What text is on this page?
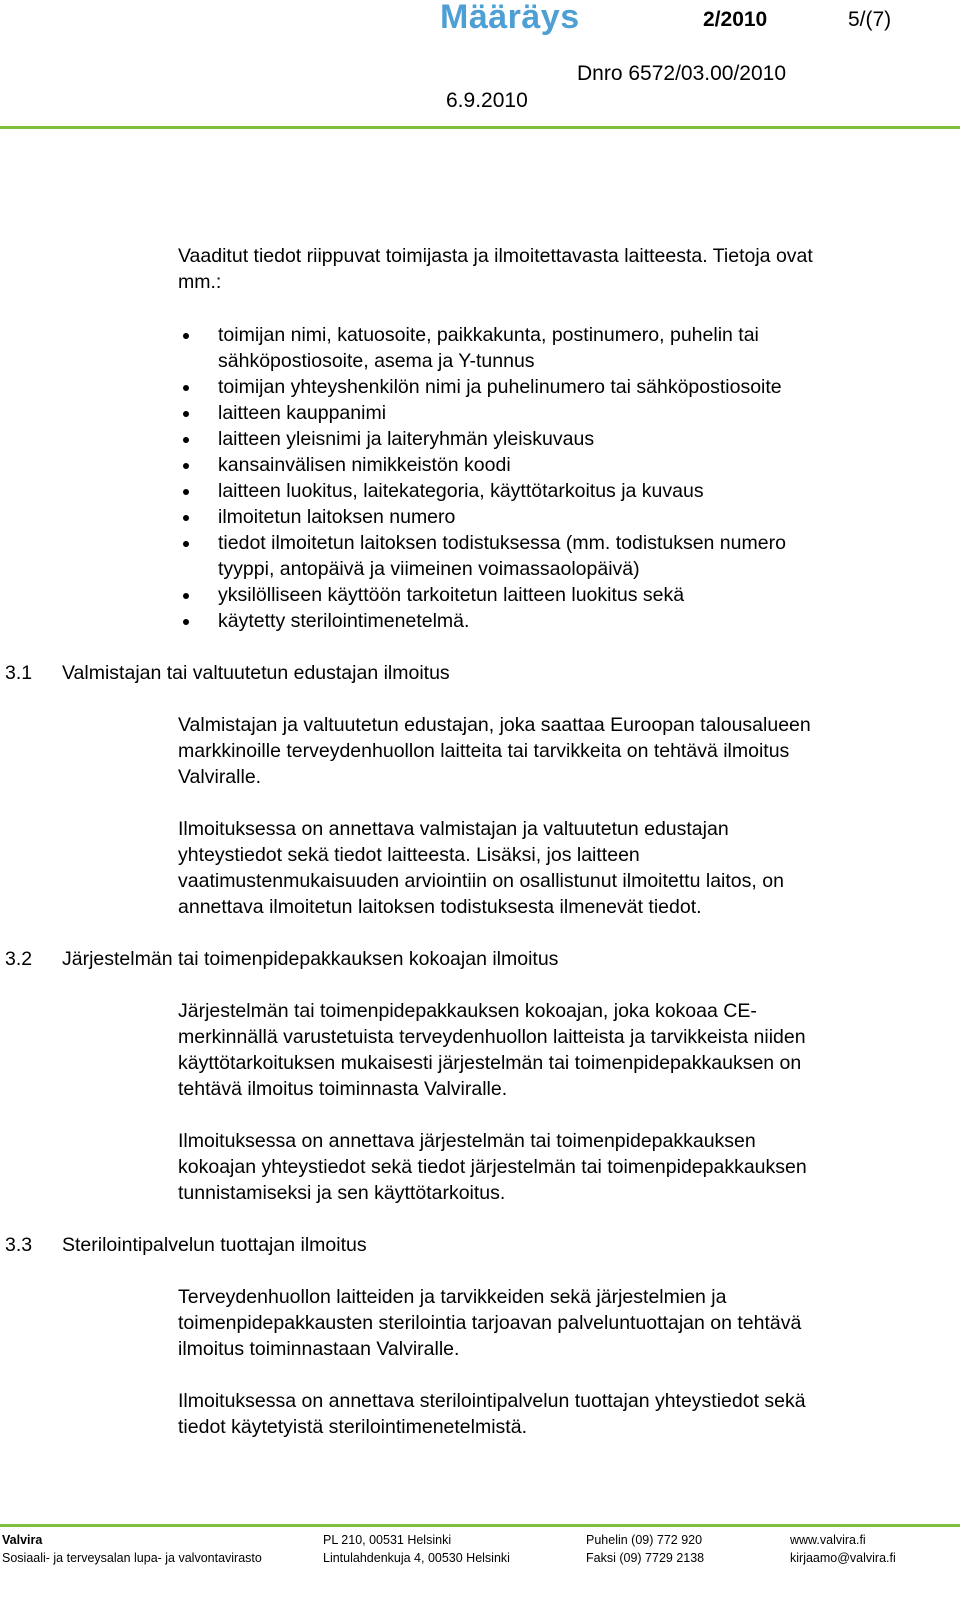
Määräys	2/2010	5/(7)
Dnro 6572/03.00/2010
6.9.2010
Vaaditut tiedot riippuvat toimijasta ja ilmoitettavasta laitteesta. Tietoja ovat
mm.:
toimijan nimi, katuosoite, paikkakunta, postinumero, puhelin tai
sähköpostiosoite, asema ja Y-tunnus
toimijan yhteyshenkilön nimi ja puhelinumero tai sähköpostiosoite
laitteen kauppanimi
laitteen yleisnimi ja laiteryhmän yleiskuvaus
kansainvälisen nimikkeistön koodi
laitteen luokitus, laitekategoria, käyttötarkoitus ja kuvaus
ilmoitetun laitoksen numero
tiedot ilmoitetun laitoksen todistuksessa (mm. todistuksen numero
tyyppi, antopäivä ja viimeinen voimassaolopäivä)
yksilölliseen käyttöön tarkoitetun laitteen luokitus sekä
käytetty sterilointimenetelmä.
3.1 Valmistajan tai valtuutetun edustajan ilmoitus
Valmistajan ja valtuutetun edustajan, joka saattaa Euroopan talousalueen
markkinoille terveydenhuollon laitteita tai tarvikkeita on tehtävä ilmoitus
Valviralle.
Ilmoituksessa on annettava valmistajan ja valtuutetun edustajan
yhteystiedot sekä tiedot laitteesta. Lisäksi, jos laitteen
vaatimustenmukaisuuden arviointiin on osallistunut ilmoitettu laitos, on
annettava ilmoitetun laitoksen todistuksesta ilmenevät tiedot.
3.2 Järjestelmän tai toimenpidepakkauksen kokoajan ilmoitus
Järjestelmän tai toimenpidepakkauksen kokoajan, joka kokoaa CE-
merkinnällä varustetuista terveydenhuollon laitteista ja tarvikkeista niiden
käyttötarkoituksen mukaisesti järjestelmän tai toimenpidepakkauksen on
tehtävä ilmoitus toiminnasta Valviralle.
Ilmoituksessa on annettava järjestelmän tai toimenpidepakkauksen
kokoajan yhteystiedot sekä tiedot järjestelmän tai toimenpidepakkauksen
tunnistamiseksi ja sen käyttötarkoitus.
3.3 Sterilointipalvelun tuottajan ilmoitus
Terveydenhuollon laitteiden ja tarvikkeiden sekä järjestelmien ja
toimenpidepakkausten sterilointia tarjoavan palveluntuottajan on tehtävä
ilmoitus toiminnastaan Valviralle.
Ilmoituksessa on annettava sterilointipalvelun tuottajan yhteystiedot sekä
tiedot käytetyistä sterilointimenetelmistä.
Valvira
Sosiaali- ja terveysalan lupa- ja valvontavirasto
PL 210, 00531 Helsinki
Lintulahdenkuja 4, 00530 Helsinki
Puhelin (09) 772 920
Faksi (09) 7729 2138
www.valvira.fi
kirjaamo@valvira.fi
